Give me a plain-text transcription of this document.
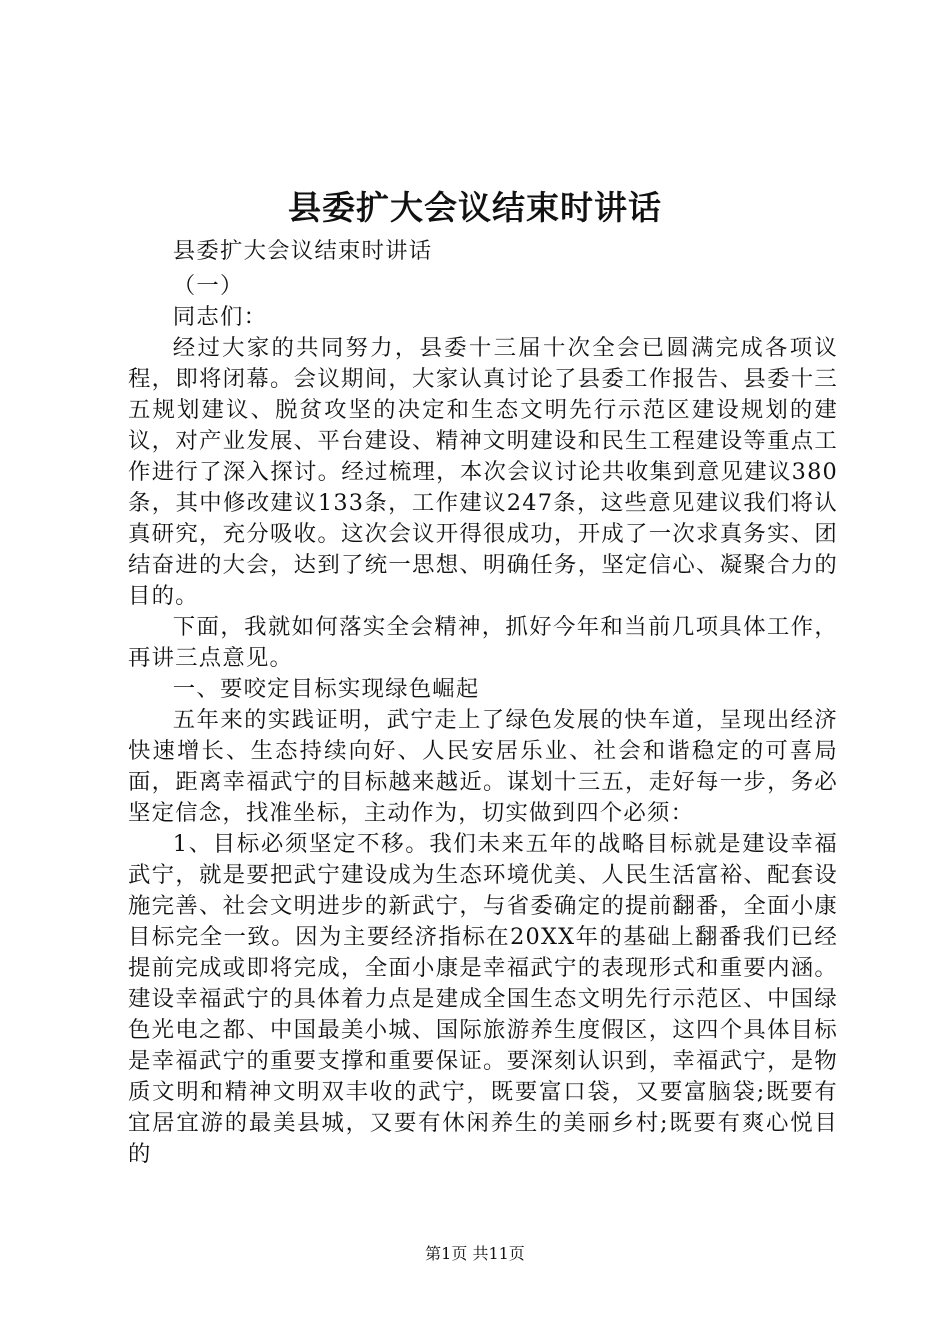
县委扩大会议结束时讲话

县委扩大会议结束时讲话

（一）

同志们：

经过大家的共同努力，县委十三届十次全会已圆满完成各项议程，即将闭幕。会议期间，大家认真讨论了县委工作报告、县委十三五规划建议、脱贫攻坚的决定和生态文明先行示范区建设规划的建议，对产业发展、平台建设、精神文明建设和民生工程建设等重点工作进行了深入探讨。经过梳理，本次会议讨论共收集到意见建议380条，其中修改建议133条，工作建议247条，这些意见建议我们将认真研究，充分吸收。这次会议开得很成功，开成了一次求真务实、团结奋进的大会，达到了统一思想、明确任务，坚定信心、凝聚合力的目的。

下面，我就如何落实全会精神，抓好今年和当前几项具体工作，再讲三点意见。

一、要咬定目标实现绿色崛起

五年来的实践证明，武宁走上了绿色发展的快车道，呈现出经济快速增长、生态持续向好、人民安居乐业、社会和谐稳定的可喜局面，距离幸福武宁的目标越来越近。谋划十三五，走好每一步，务必坚定信念，找准坐标，主动作为，切实做到四个必须：

1、目标必须坚定不移。我们未来五年的战略目标就是建设幸福武宁，就是要把武宁建设成为生态环境优美、人民生活富裕、配套设施完善、社会文明进步的新武宁，与省委确定的提前翻番，全面小康目标完全一致。因为主要经济指标在20XX年的基础上翻番我们已经提前完成或即将完成，全面小康是幸福武宁的表现形式和重要内涵。建设幸福武宁的具体着力点是建成全国生态文明先行示范区、中国绿色光电之都、中国最美小城、国际旅游养生度假区，这四个具体目标是幸福武宁的重要支撑和重要保证。要深刻认识到，幸福武宁，是物质文明和精神文明双丰收的武宁，既要富口袋，又要富脑袋;既要有宜居宜游的最美县城，又要有休闲养生的美丽乡村;既要有爽心悦目的

第1页 共11页
